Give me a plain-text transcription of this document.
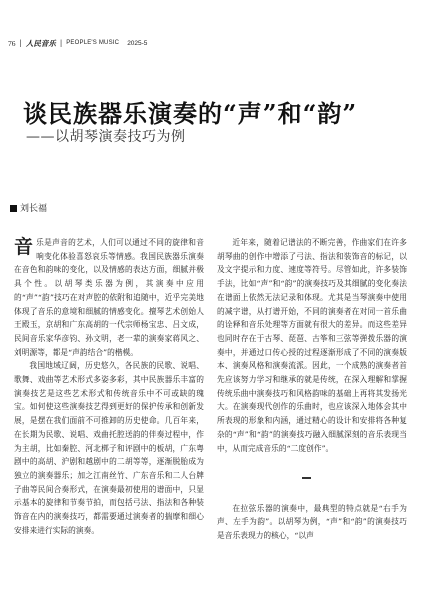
76 | 人民音乐 | PEOPLE'S MUSIC 2025-5
谈民族器乐演奏的“声”和“韵”
——以胡琴演奏技巧为例
刘长福

音乐是声音的艺术，人们可以通过不同的旋律和音响变化体验喜怒哀乐等情感。我国民族器乐演奏在音色和韵味的变化，以及情感的表达方面，细腻并极具个性。以胡琴类乐器为例，其演奏中应用的“声”“韵”技巧在对声腔的依附和追随中，近乎完美地体现了音乐的意境和细腻的情感变化。擅琴艺术创始人王殿玉，京胡和广东高胡的一代宗师杨宝忠、吕文成，民间音乐家华彦钧、孙文明，老一辈的演奏家蒋风之、刘明源等，都是“声韵结合”的楷模。

我国地域辽阔，历史悠久，各民族的民歌、说唱、歌舞、戏曲等艺术形式多姿多彩，其中民族器乐丰富的演奏技艺是这些艺术形式和传统音乐中不可或缺的瑰宝。如何使这些演奏技艺得到更好的保护传承和创新发展，是摆在我们面前不可推卸的历史使命。几百年来，在长期为民歌、说唱、戏曲托腔送韵的伴奏过程中，作为主胡，比如秦腔、河北梆子和评剧中的板胡，广东粤剧中的高胡、沪剧和越剧中的二胡等等，逐渐脱胎成为独立的演奏器乐；加之江南丝竹、广东音乐和二人台牌子曲等民间合奏形式，在演奏最初使用的谱面中，只显示基本的旋律和节奏节拍，而包括弓法、指法和各种装饰音在内的演奏技巧，都需要通过演奏者的揣摩和细心安排来进行实际的演奏。

近年来，随着记谱法的不断完善，作曲家们在许多胡琴曲的创作中增添了弓法、指法和装饰音的标记，以及文字提示和力度、速度等符号。尽管如此，许多装饰手法，比如“声”和“韵”的演奏技巧及其细腻的变化奏法在谱面上依然无法记录和体现。尤其是当琴演奏中使用的减字谱，从打谱开始，不同的演奏者在对同一首乐曲的诠释和音乐处理等方面就有很大的差异。而这些差异也同时存在于古琴、琵琶、古筝和三弦等弹拨乐器的演奏中，并通过口传心授的过程逐渐形成了不同的演奏版本、演奏风格和演奏流派。因此，一个成熟的演奏者首先应该努力学习和继承的就是传统，在深入理解和掌握传统乐曲中演奏技巧和风格韵味的基础上再将其发扬光大。在演奏现代创作的乐曲时，也应该深入地体会其中所表现的形象和内涵，通过精心的设计和安排将各种复杂的“声”和“韵”的演奏技巧融入细腻深刻的音乐表现当中，从而完成音乐的“二度创作”。

在拉弦乐器的演奏中，最典型的特点就是“右手为声、左手为韵”。以胡琴为例，“声”和“韵”的演奏技巧是音乐表现力的核心，“以声
